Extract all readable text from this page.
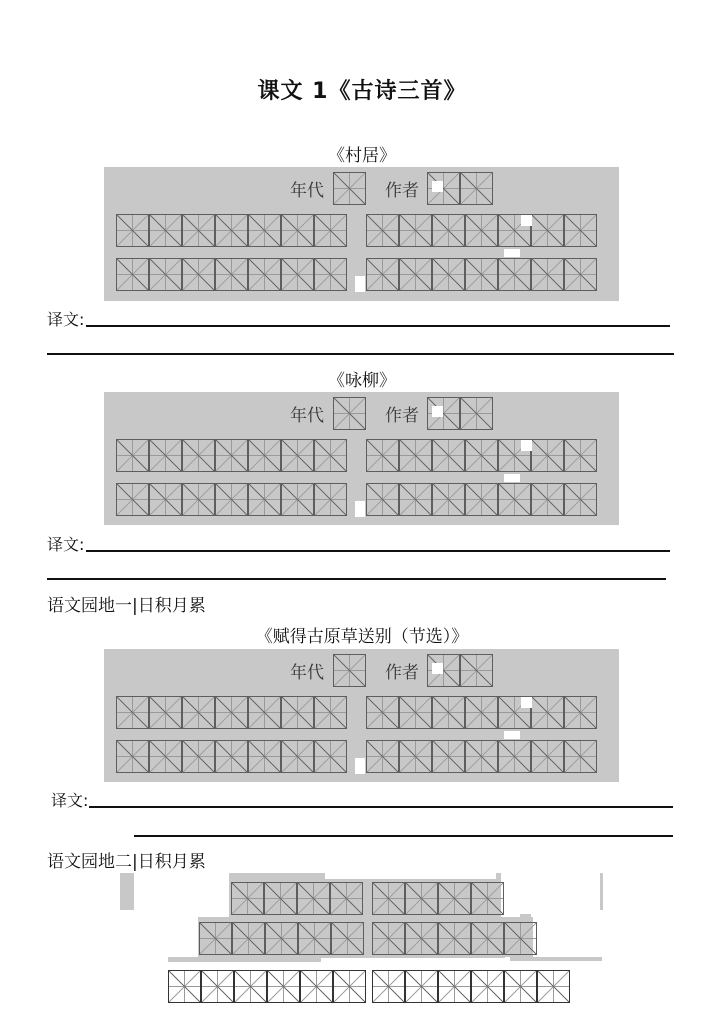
课文 1《古诗三首》
《村居》
译文:
《咏柳》
译文:
语文园地一|日积月累
《赋得古原草送别（节选）》
译文:
语文园地二|日积月累
年代	作者
年代	作者
年代	作者
